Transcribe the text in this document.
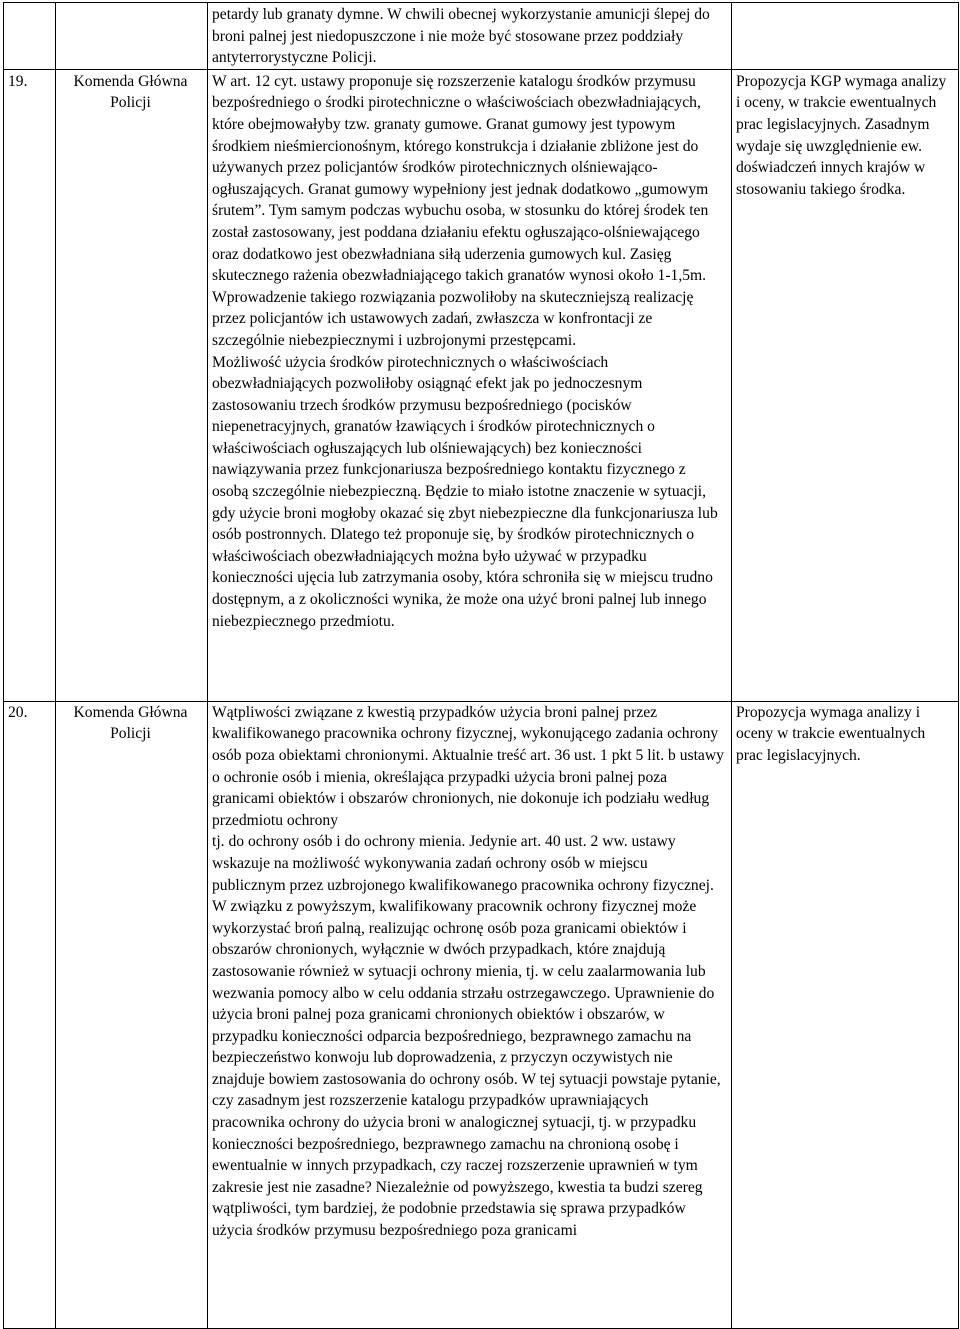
		petardy lub granaty dymne. W chwili obecnej wykorzystanie amunicji ślepej do broni palnej jest niedopuszczone i nie może być stosowane przez poddziały antyterrorystyczne Policji.	

19.	Komenda Główna Policji	W art. 12 cyt. ustawy proponuje się rozszerzenie katalogu środków przymusu bezpośredniego o środki pirotechniczne o właściwościach obezwładniających, które obejmowałyby tzw. granaty gumowe. Granat gumowy jest typowym środkiem nieśmiercionośnym, którego konstrukcja i działanie zbliżone jest do używanych przez policjantów środków pirotechnicznych olśniewająco-ogłuszających. Granat gumowy wypełniony jest jednak dodatkowo „gumowym śrutem”. Tym samym podczas wybuchu osoba, w stosunku do której środek ten został zastosowany, jest poddana działaniu efektu ogłuszająco-olśniewającego oraz dodatkowo jest obezwładniana siłą uderzenia gumowych kul. Zasięg skutecznego rażenia obezwładniającego takich granatów wynosi około 1-1,5m. Wprowadzenie takiego rozwiązania pozwoliłoby na skuteczniejszą realizację przez policjantów ich ustawowych zadań, zwłaszcza w konfrontacji ze szczególnie niebezpiecznymi i uzbrojonymi przestępcami.

Możliwość użycia środków pirotechnicznych o właściwościach obezwładniających pozwoliłoby osiągnąć efekt jak po jednoczesnym zastosowaniu trzech środków przymusu bezpośredniego (pocisków niepenetracyjnych, granatów łzawiących i środków pirotechnicznych o właściwościach ogłuszających lub olśniewających) bez konieczności nawiązywania przez funkcjonariusza bezpośredniego kontaktu fizycznego z osobą szczególnie niebezpieczną. Będzie to miało istotne znaczenie w sytuacji, gdy użycie broni mogłoby okazać się zbyt niebezpieczne dla funkcjonariusza lub osób postronnych. Dlatego też proponuje się, by środków pirotechnicznych o właściwościach obezwładniających można było używać w przypadku konieczności ujęcia lub zatrzymania osoby, która schroniła się w miejscu trudno dostępnym, a z okoliczności wynika, że może ona użyć broni palnej lub innego niebezpiecznego przedmiotu.	Propozycja KGP wymaga analizy i oceny, w trakcie ewentualnych prac legislacyjnych. Zasadnym wydaje się uwzględnienie ew. doświadczeń innych krajów w stosowaniu takiego środka.

20.	Komenda Główna Policji	Wątpliwości związane z kwestią przypadków użycia broni palnej przez kwalifikowanego pracownika ochrony fizycznej, wykonującego zadania ochrony osób poza obiektami chronionymi. Aktualnie treść art. 36 ust. 1 pkt 5 lit. b ustawy o ochronie osób i mienia, określająca przypadki użycia broni palnej poza granicami obiektów i obszarów chronionych, nie dokonuje ich podziału według przedmiotu ochrony

tj. do ochrony osób i do ochrony mienia. Jedynie art. 40 ust. 2 ww. ustawy wskazuje na możliwość wykonywania zadań ochrony osób w miejscu publicznym przez uzbrojonego kwalifikowanego pracownika ochrony fizycznej. W związku z powyższym, kwalifikowany pracownik ochrony fizycznej może wykorzystać broń palną, realizując ochronę osób poza granicami obiektów i obszarów chronionych, wyłącznie w dwóch przypadkach, które znajdują zastosowanie również w sytuacji ochrony mienia, tj. w celu zaalarmowania lub wezwania pomocy albo w celu oddania strzału ostrzegawczego. Uprawnienie do użycia broni palnej poza granicami chronionych obiektów i obszarów, w przypadku konieczności odparcia bezpośredniego, bezprawnego zamachu na bezpieczeństwo konwoju lub doprowadzenia, z przyczyn oczywistych nie znajduje bowiem zastosowania do ochrony osób. W tej sytuacji powstaje pytanie, czy zasadnym jest rozszerzenie katalogu przypadków uprawniających pracownika ochrony do użycia broni w analogicznej sytuacji, tj. w przypadku konieczności bezpośredniego, bezprawnego zamachu na chronioną osobę i ewentualnie w innych przypadkach, czy raczej rozszerzenie uprawnień w tym zakresie jest nie zasadne? Niezależnie od powyższego, kwestia ta budzi szereg wątpliwości, tym bardziej, że podobnie przedstawia się sprawa przypadków użycia środków przymusu bezpośredniego poza granicami	Propozycja wymaga analizy i oceny w trakcie ewentualnych prac legislacyjnych.
